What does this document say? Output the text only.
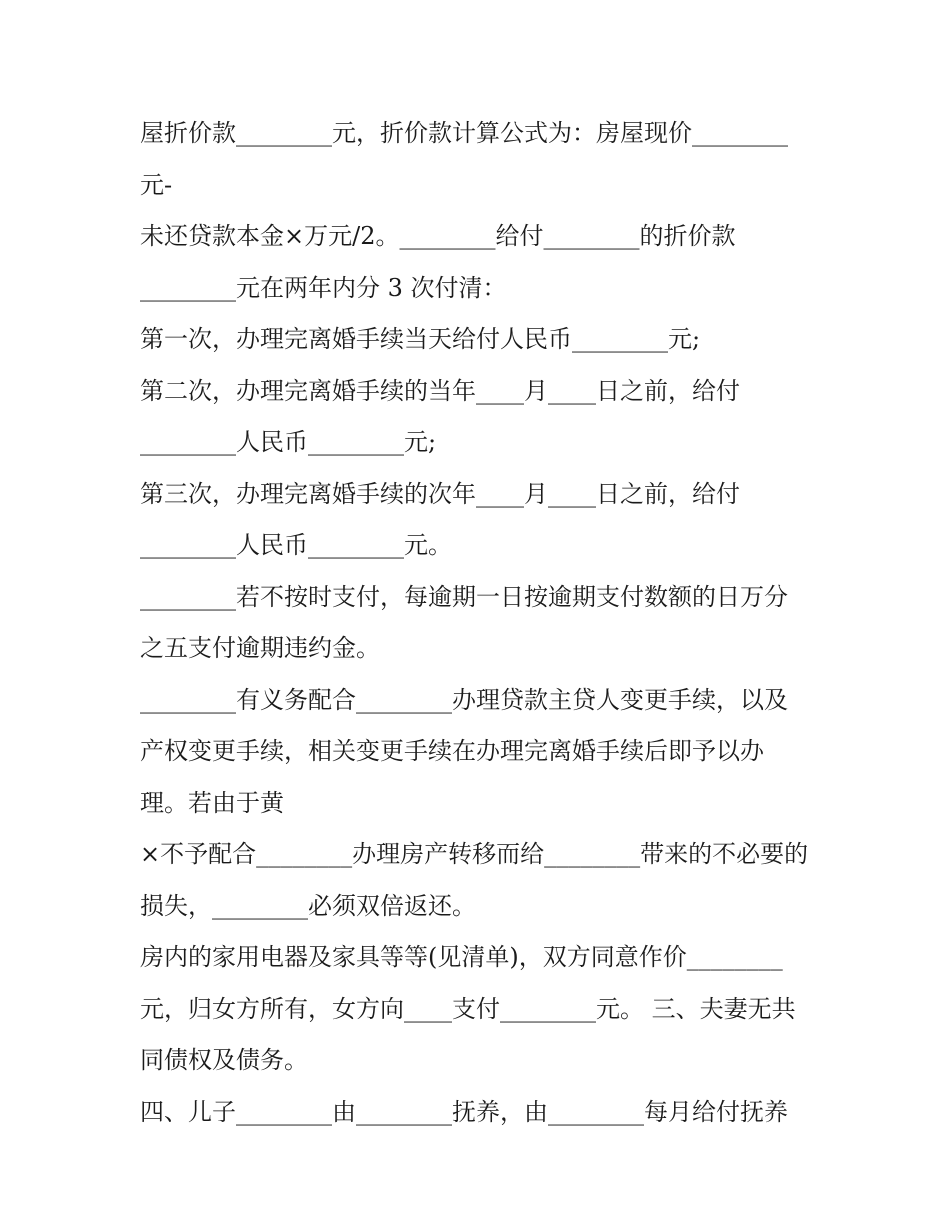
屋折价款________元，折价款计算公式为：房屋现价________
元-
未还贷款本金×万元/2。________给付________的折价款
________元在两年内分 3 次付清：
第一次，办理完离婚手续当天给付人民币________元;
第二次，办理完离婚手续的当年____月____日之前，给付
________人民币________元;
第三次，办理完离婚手续的次年____月____日之前，给付
________人民币________元。
________若不按时支付，每逾期一日按逾期支付数额的日万分
之五支付逾期违约金。
________有义务配合________办理贷款主贷人变更手续，以及
产权变更手续，相关变更手续在办理完离婚手续后即予以办
理。若由于黄
×不予配合________办理房产转移而给________带来的不必要的
损失，________必须双倍返还。
房内的家用电器及家具等等(见清单)，双方同意作价________
元，归女方所有，女方向____支付________元。 三、夫妻无共
同债权及债务。
四、儿子________由________抚养，由________每月给付抚养
